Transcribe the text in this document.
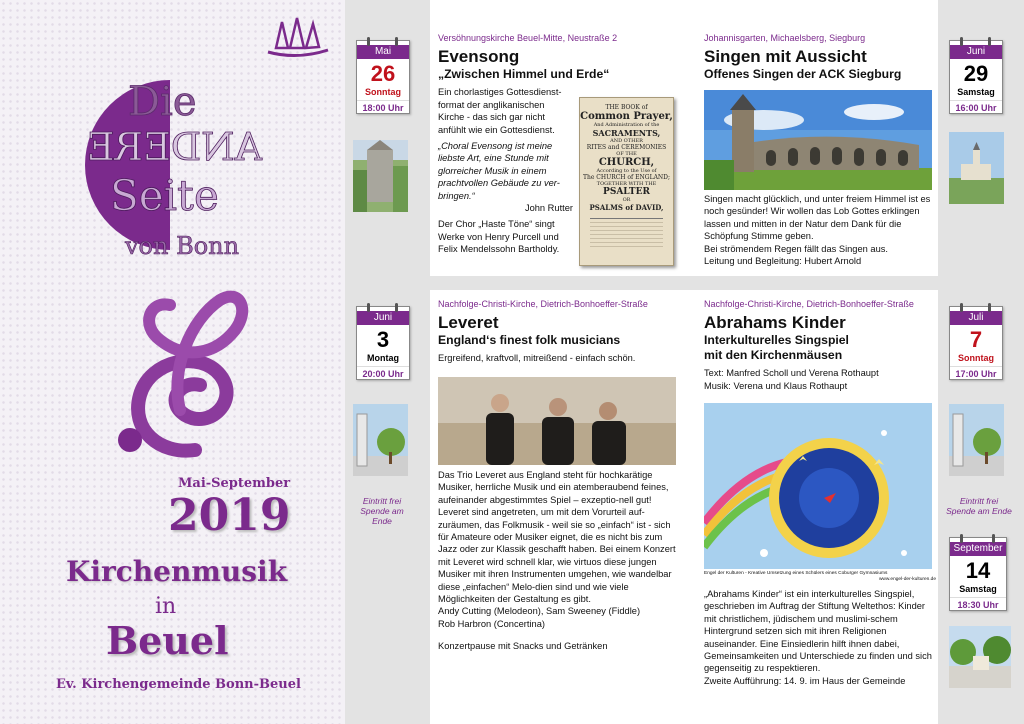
Die
ANDERE
Seite
von Bonn
Mai-September
2019
Kirchenmusik
in
Beuel
Ev. Kirchengemeinde Bonn-Beuel
Mai
26
Sonntag
18:00 Uhr
Juni
29
Samstag
16:00 Uhr
Juni
3
Montag
20:00 Uhr
Juli
7
Sonntag
17:00 Uhr
September
14
Samstag
18:30 Uhr
Eintritt frei
Spende am Ende
Eintritt frei
Spende am Ende
Versöhnungskirche Beuel-Mitte, Neustraße 2
Evensong
„Zwischen Himmel und Erde“
Ein chorlastiges Gottesdienst-format der anglikanischen Kirche - das sich gar nicht anfühlt wie ein Gottesdienst.
„Choral Evensong ist meine liebste Art, eine Stunde mit glorreicher Musik in einem prachtvollen Gebäude zu ver-bringen.“
John Rutter
Der Chor „Haste Töne“ singt Werke von Henry Purcell und Felix Mendelssohn Bartholdy.
THE BOOK of
Common Prayer,
And Administration of the
SACRAMENTS,
AND OTHER
RITES and CEREMONIES
OF THE
CHURCH,
According to the Use of
The CHURCH of ENGLAND;
TOGETHER WITH THE
PSALTER
OR
PSALMS of DAVID,
Johannisgarten, Michaelsberg, Siegburg
Singen mit Aussicht
Offenes Singen der ACK Siegburg
Singen macht glücklich, und unter freiem Himmel ist es noch gesünder! Wir wollen das Lob Gottes erklingen lassen und mitten in der Natur dem Dank für die Schöpfung Stimme geben.
Bei strömendem Regen fällt das Singen aus.
Leitung und Begleitung: Hubert Arnold
Nachfolge-Christi-Kirche, Dietrich-Bonhoeffer-Straße
Leveret
England‘s finest folk musicians
Ergreifend, kraftvoll, mitreißend - einfach schön.
Das Trio Leveret aus England steht für hochkarätige Musiker, herrliche Musik und ein atemberaubend feines, aufeinander abgestimmtes Spiel – exzeptio-nell gut!
Leveret sind angetreten, um mit dem Vorurteil auf-zuräumen, das Folkmusik - weil sie so „einfach“ ist - sich für Amateure oder Musiker eignet, die es nicht bis zum Jazz oder zur Klassik geschafft haben. Bei einem Konzert mit Leveret wird schnell klar, wie virtuos diese jungen Musiker mit ihren Instrumenten umgehen, wie wandelbar diese „einfachen“ Melo-dien sind und wie viele Möglichkeiten der Gestaltung es gibt.
Andy Cutting (Melodeon), Sam Sweeney (Fiddle)
Rob Harbron (Concertina)
Konzertpause mit Snacks und Getränken
Nachfolge-Christi-Kirche, Dietrich-Bonhoeffer-Straße
Abrahams Kinder
Interkulturelles Singspiel
mit den Kirchenmäusen
Text: Manfred Scholl und Verena Rothaupt
Musik: Verena und Klaus Rothaupt
Engel der Kulturen - Kreative Umsetzung eines Schülers eines Coburger Gymnasiums
www.engel-der-kulturen.de
„Abrahams Kinder“ ist ein interkulturelles Singspiel, geschrieben im Auftrag der Stiftung Weltethos: Kinder mit christlichem, jüdischem und muslimi-schem Hintergrund setzen sich mit ihren Religionen auseinander. Eine Einsiedlerin hilft ihnen dabei, Gemeinsamkeiten und Unterschiede zu finden und sich gegenseitig zu respektieren.
Zweite Aufführung: 14. 9. im Haus der Gemeinde
